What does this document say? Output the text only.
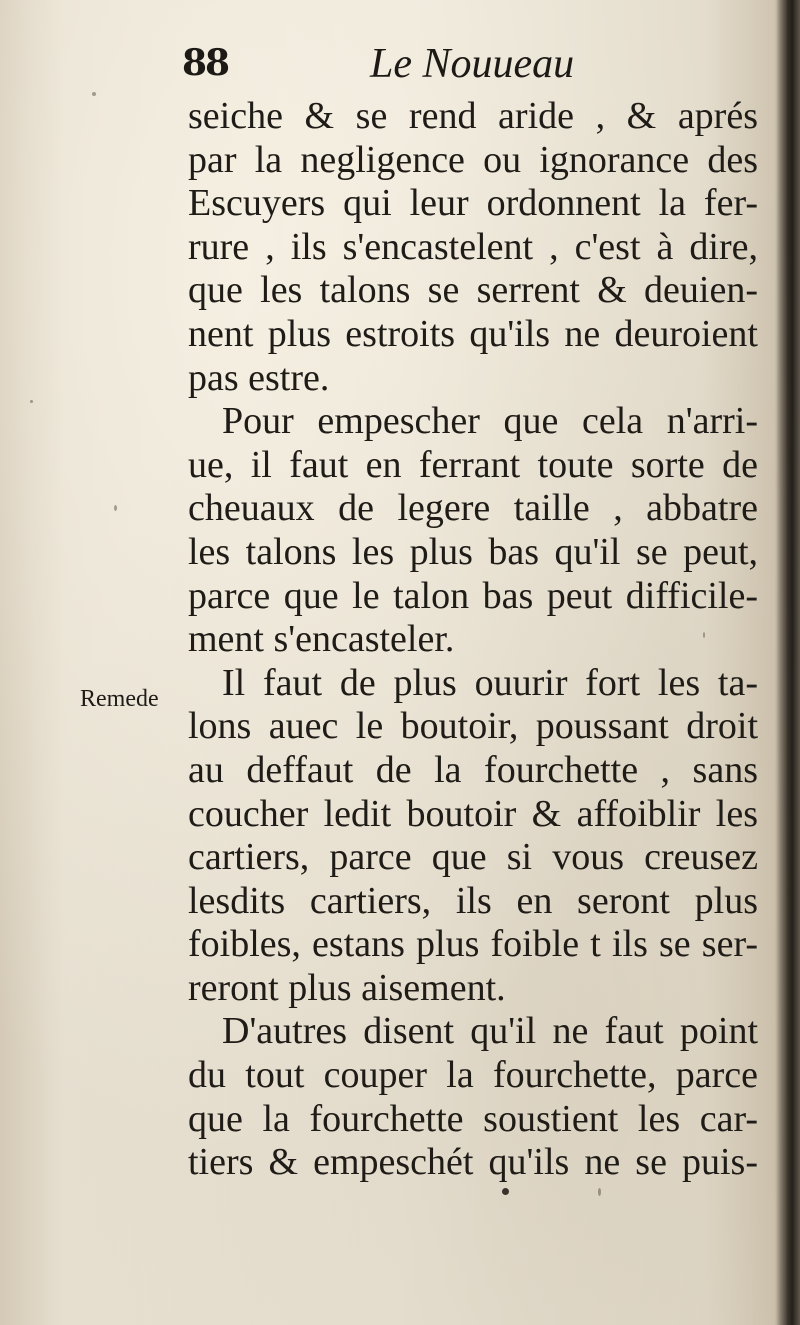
88	Le Nouueau
Remede
seiche & se rend aride , & aprés
par la negligence ou ignorance des
Escuyers qui leur ordonnent la fer-
rure , ils s'encastelent , c'est à dire,
que les talons se serrent & deuien-
nent plus estroits qu'ils ne deuroient
pas estre.
Pour empescher que cela n'arri-
ue, il faut en ferrant toute sorte de
cheuaux de legere taille , abbatre
les talons les plus bas qu'il se peut,
parce que le talon bas peut difficile-
ment s'encasteler.
Il faut de plus ouurir fort les ta-
lons auec le boutoir, poussant droit
au deffaut de la fourchette , sans
coucher ledit boutoir & affoiblir les
cartiers, parce que si vous creusez
lesdits cartiers, ils en seront plus
foibles, estans plus foible t ils se ser-
reront plus aisement.
D'autres disent qu'il ne faut point
du tout couper la fourchette, parce
que la fourchette soustient les car-
tiers & empeschét qu'ils ne se puis-
